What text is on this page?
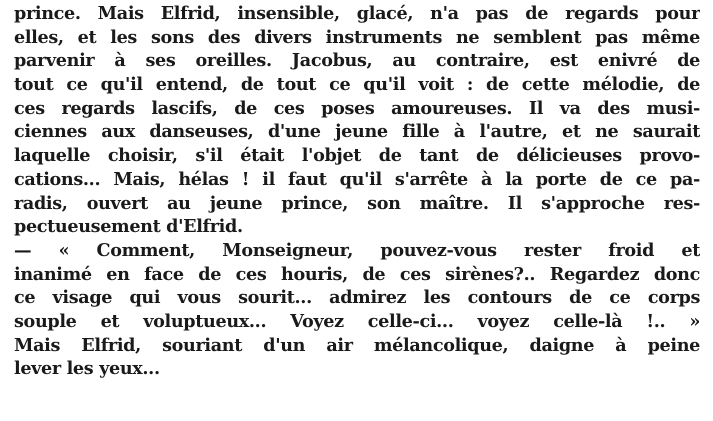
prince. Mais Elfrid, insensible, glacé, n'a pas de regards pour
elles, et les sons des divers instruments ne semblent pas même
parvenir à ses oreilles. Jacobus, au contraire, est enivré de
tout ce qu'il entend, de tout ce qu'il voit : de cette mélodie, de
ces regards lascifs, de ces poses amoureuses. Il va des musi-
ciennes aux danseuses, d'une jeune fille à l'autre, et ne saurait
laquelle choisir, s'il était l'objet de tant de délicieuses provo-
cations... Mais, hélas ! il faut qu'il s'arrête à la porte de ce pa-
radis, ouvert au jeune prince, son maître. Il s'approche res-
pectueusement d'Elfrid.
— « Comment, Monseigneur, pouvez-vous rester froid et
inanimé en face de ces houris, de ces sirènes?.. Regardez donc
ce visage qui vous sourit... admirez les contours de ce corps
souple et voluptueux... Voyez celle-ci... voyez celle-là !.. »
Mais Elfrid, souriant d'un air mélancolique, daigne à peine
lever les yeux...
